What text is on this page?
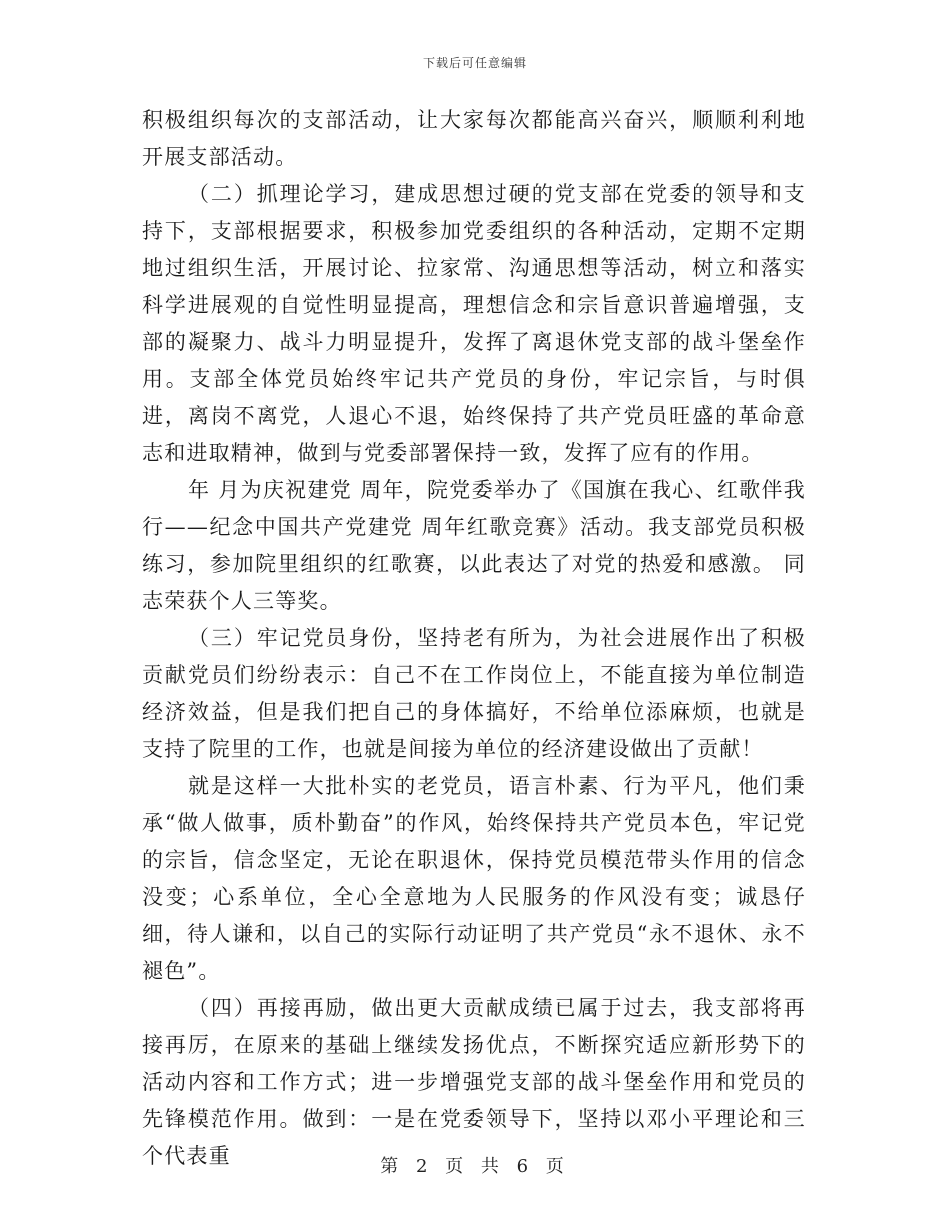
下载后可任意编辑

积极组织每次的支部活动，让大家每次都能高兴奋兴，顺顺利利地开展支部活动。

（二）抓理论学习，建成思想过硬的党支部在党委的领导和支持下，支部根据要求，积极参加党委组织的各种活动，定期不定期地过组织生活，开展讨论、拉家常、沟通思想等活动，树立和落实科学进展观的自觉性明显提高，理想信念和宗旨意识普遍增强，支部的凝聚力、战斗力明显提升，发挥了离退休党支部的战斗堡垒作用。支部全体党员始终牢记共产党员的身份，牢记宗旨，与时俱进，离岗不离党，人退心不退，始终保持了共产党员旺盛的革命意志和进取精神，做到与党委部署保持一致，发挥了应有的作用。

年 月为庆祝建党 周年，院党委举办了《国旗在我心、红歌伴我行——纪念中国共产党建党 周年红歌竞赛》活动。我支部党员积极练习，参加院里组织的红歌赛，以此表达了对党的热爱和感激。 同志荣获个人三等奖。

（三）牢记党员身份，坚持老有所为，为社会进展作出了积极贡献党员们纷纷表示：自己不在工作岗位上，不能直接为单位制造经济效益，但是我们把自己的身体搞好，不给单位添麻烦，也就是支持了院里的工作，也就是间接为单位的经济建设做出了贡献！

就是这样一大批朴实的老党员，语言朴素、行为平凡，他们秉承“做人做事，质朴勤奋”的作风，始终保持共产党员本色，牢记党的宗旨，信念坚定，无论在职退休，保持党员模范带头作用的信念没变；心系单位，全心全意地为人民服务的作风没有变；诚恳仔细，待人谦和，以自己的实际行动证明了共产党员“永不退休、永不褪色”。

（四）再接再励，做出更大贡献成绩已属于过去，我支部将再接再厉，在原来的基础上继续发扬优点，不断探究适应新形势下的活动内容和工作方式；进一步增强党支部的战斗堡垒作用和党员的先锋模范作用。做到：一是在党委领导下，坚持以邓小平理论和三个代表重	第 2 页 共 6 页
